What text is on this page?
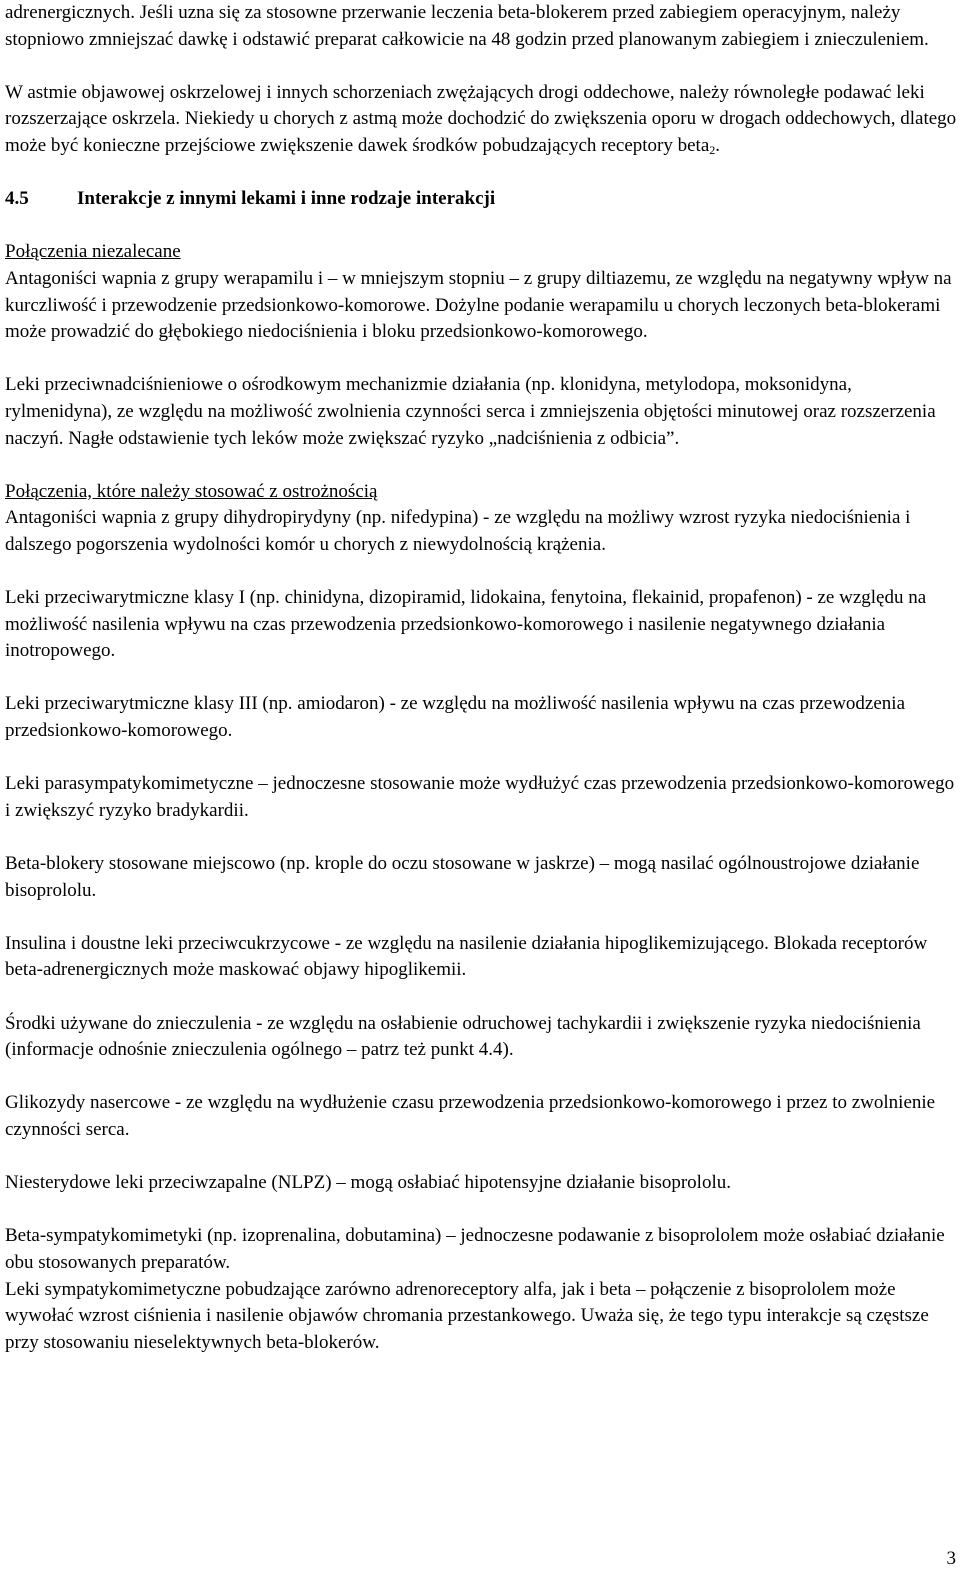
adrenergicznych. Jeśli uzna się za stosowne przerwanie leczenia beta-blokerem przed zabiegiem operacyjnym, należy stopniowo zmniejszać dawkę i odstawić preparat całkowicie na 48 godzin przed planowanym zabiegiem i znieczuleniem.

W astmie objawowej oskrzelowej i innych schorzeniach zwężających drogi oddechowe, należy równoległe podawać leki rozszerzające oskrzela. Niekiedy u chorych z astmą może dochodzić do zwiększenia oporu w drogach oddechowych, dlatego może być konieczne przejściowe zwiększenie dawek środków pobudzających receptory beta$_2$.

4.5	Interakcje z innymi lekami i inne rodzaje interakcji

Połączenia niezalecane

Antagoniści wapnia z grupy werapamilu i – w mniejszym stopniu – z grupy diltiazemu, ze względu na negatywny wpływ na kurczliwość i przewodzenie przedsionkowo-komorowe. Dożylne podanie werapamilu u chorych leczonych beta-blokerami może prowadzić do głębokiego niedociśnienia i bloku przedsionkowo-komorowego.

Leki przeciwnadciśnieniowe o ośrodkowym mechanizmie działania (np. klonidyna, metylodopa, moksonidyna, rylmenidyna), ze względu na możliwość zwolnienia czynności serca i zmniejszenia objętości minutowej oraz rozszerzenia naczyń. Nagłe odstawienie tych leków może zwiększać ryzyko „nadciśnienia z odbicia”.

Połączenia, które należy stosować z ostrożnością

Antagoniści wapnia z grupy dihydropirydyny (np. nifedypina) - ze względu na możliwy wzrost ryzyka niedociśnienia i dalszego pogorszenia wydolności komór u chorych z niewydolnością krążenia.

Leki przeciwarytmiczne klasy I (np. chinidyna, dizopiramid, lidokaina, fenytoina, flekainid, propafenon) - ze względu na możliwość nasilenia wpływu na czas przewodzenia przedsionkowo-komorowego i nasilenie negatywnego działania inotropowego.

Leki przeciwarytmiczne klasy III (np. amiodaron) - ze względu na możliwość nasilenia wpływu na czas przewodzenia przedsionkowo-komorowego.

Leki parasympatykomimetyczne – jednoczesne stosowanie może wydłużyć czas przewodzenia przedsionkowo-komorowego i zwiększyć ryzyko bradykardii.

Beta-blokery stosowane miejscowo (np. krople do oczu stosowane w jaskrze) – mogą nasilać ogólnoustrojowe działanie bisoprololu.

Insulina i doustne leki przeciwcukrzycowe - ze względu na nasilenie działania hipoglikemizującego. Blokada receptorów beta-adrenergicznych może maskować objawy hipoglikemii.

Środki używane do znieczulenia - ze względu na osłabienie odruchowej tachykardii i zwiększenie ryzyka niedociśnienia (informacje odnośnie znieczulenia ogólnego – patrz też punkt 4.4).

Glikozydy nasercowe - ze względu na wydłużenie czasu przewodzenia przedsionkowo-komorowego i przez to zwolnienie czynności serca.

Niesterydowe leki przeciwzapalne (NLPZ) – mogą osłabiać hipotensyjne działanie bisoprololu.

Beta-sympatykomimetyki (np. izoprenalina, dobutamina) – jednoczesne podawanie z bisoprololem może osłabiać działanie obu stosowanych preparatów.

Leki sympatykomimetyczne pobudzające zarówno adrenoreceptory alfa, jak i beta – połączenie z bisoprololem może wywołać wzrost ciśnienia i nasilenie objawów chromania przestankowego. Uważa się, że tego typu interakcje są częstsze przy stosowaniu nieselektywnych beta-blokerów.

3
